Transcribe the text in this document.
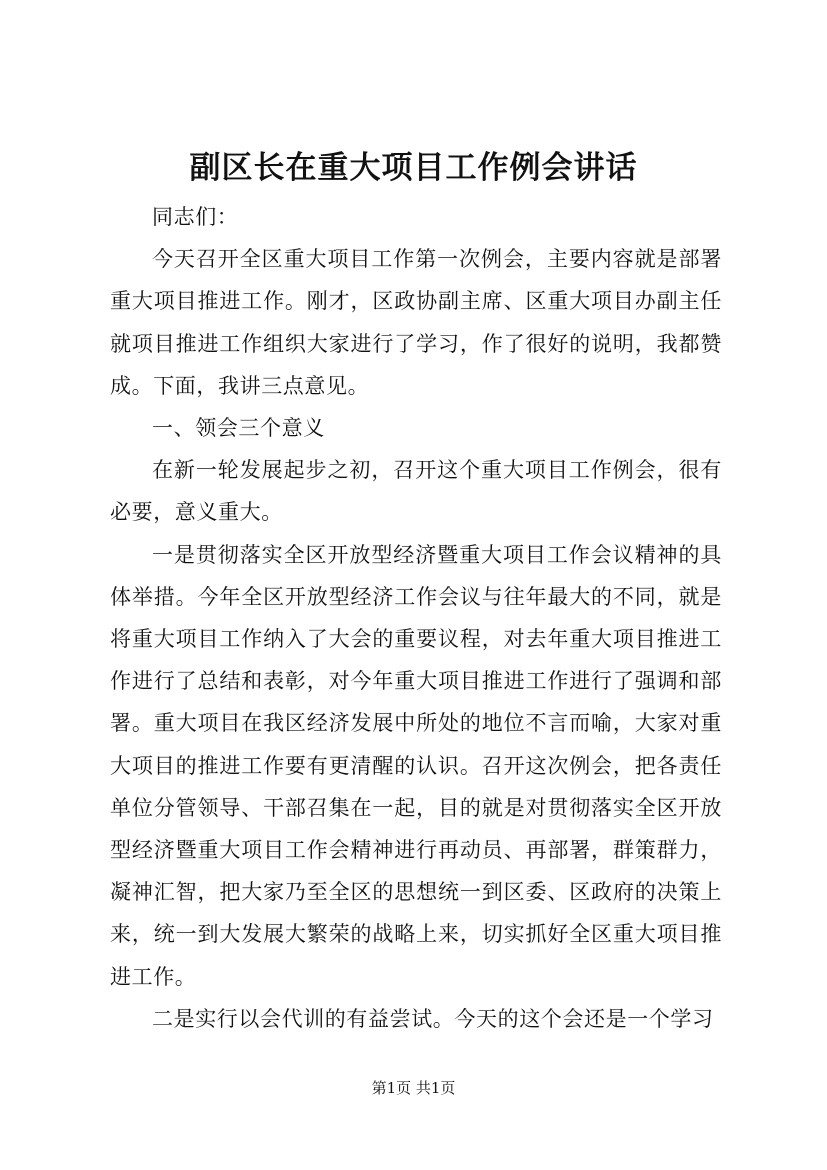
副区长在重大项目工作例会讲话

同志们：

今天召开全区重大项目工作第一次例会，主要内容就是部署重大项目推进工作。刚才，区政协副主席、区重大项目办副主任就项目推进工作组织大家进行了学习，作了很好的说明，我都赞成。下面，我讲三点意见。

一、领会三个意义

在新一轮发展起步之初，召开这个重大项目工作例会，很有必要，意义重大。

一是贯彻落实全区开放型经济暨重大项目工作会议精神的具体举措。今年全区开放型经济工作会议与往年最大的不同，就是将重大项目工作纳入了大会的重要议程，对去年重大项目推进工作进行了总结和表彰，对今年重大项目推进工作进行了强调和部署。重大项目在我区经济发展中所处的地位不言而喻，大家对重大项目的推进工作要有更清醒的认识。召开这次例会，把各责任单位分管领导、干部召集在一起，目的就是对贯彻落实全区开放型经济暨重大项目工作会精神进行再动员、再部署，群策群力，凝神汇智，把大家乃至全区的思想统一到区委、区政府的决策上来，统一到大发展大繁荣的战略上来，切实抓好全区重大项目推进工作。

二是实行以会代训的有益尝试。今天的这个会还是一个学习

第1页 共1页
